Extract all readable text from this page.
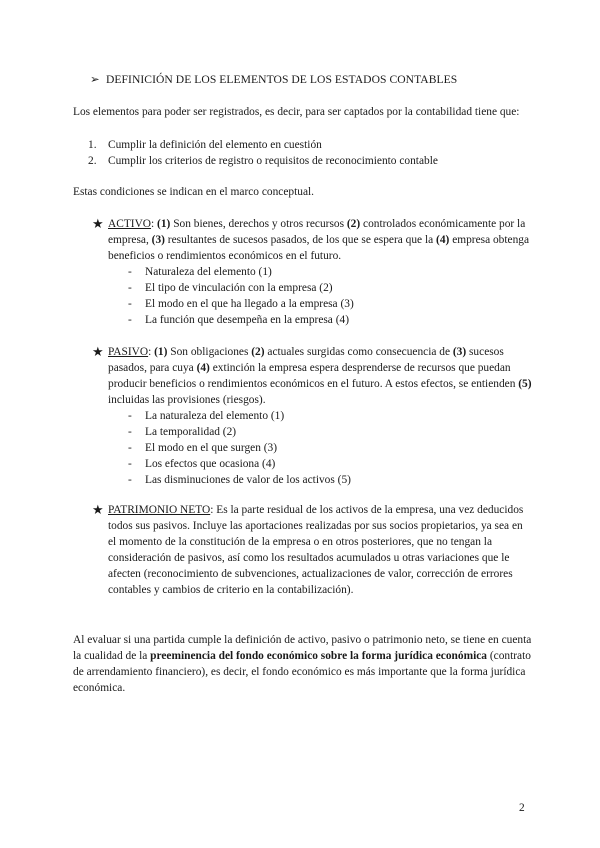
➢ DEFINICIÓN DE LOS ELEMENTOS DE LOS ESTADOS CONTABLES
Los elementos para poder ser registrados, es decir, para ser captados por la contabilidad tiene que:
1. Cumplir la definición del elemento en cuestión
2. Cumplir los criterios de registro o requisitos de reconocimiento contable
Estas condiciones se indican en el marco conceptual.
★ ACTIVO: (1) Son bienes, derechos y otros recursos (2) controlados económicamente por la empresa, (3) resultantes de sucesos pasados, de los que se espera que la (4) empresa obtenga beneficios o rendimientos económicos en el futuro.
- Naturaleza del elemento (1)
- El tipo de vinculación con la empresa (2)
- El modo en el que ha llegado a la empresa (3)
- La función que desempeña en la empresa (4)
★ PASIVO: (1) Son obligaciones (2) actuales surgidas como consecuencia de (3) sucesos pasados, para cuya (4) extinción la empresa espera desprenderse de recursos que puedan producir beneficios o rendimientos económicos en el futuro. A estos efectos, se entienden (5) incluidas las provisiones (riesgos).
- La naturaleza del elemento (1)
- La temporalidad (2)
- El modo en el que surgen (3)
- Los efectos que ocasiona (4)
- Las disminuciones de valor de los activos (5)
★ PATRIMONIO NETO: Es la parte residual de los activos de la empresa, una vez deducidos todos sus pasivos. Incluye las aportaciones realizadas por sus socios propietarios, ya sea en el momento de la constitución de la empresa o en otros posteriores, que no tengan la consideración de pasivos, así como los resultados acumulados u otras variaciones que le afecten (reconocimiento de subvenciones, actualizaciones de valor, corrección de errores contables y cambios de criterio en la contabilización).
Al evaluar si una partida cumple la definición de activo, pasivo o patrimonio neto, se tiene en cuenta la cualidad de la preeminencia del fondo económico sobre la forma jurídica económica (contrato de arrendamiento financiero), es decir, el fondo económico es más importante que la forma jurídica económica.
2
